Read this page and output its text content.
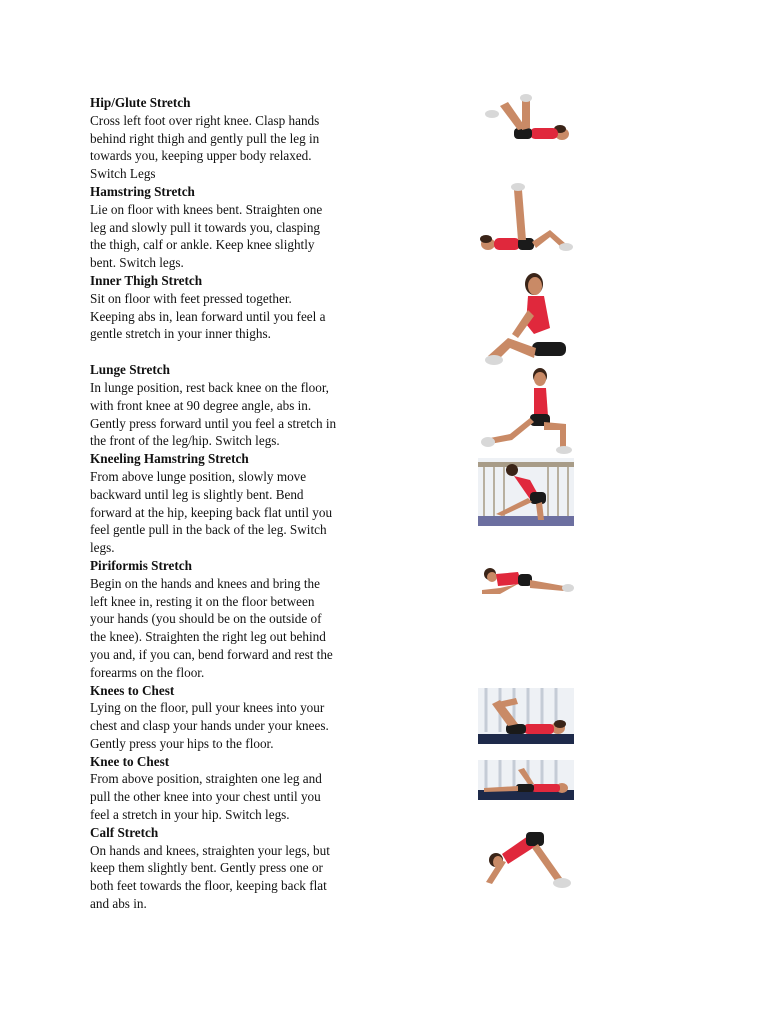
Hip/Glute Stretch
Cross left foot over right knee. Clasp hands
behind right thigh and gently pull the leg in
towards you, keeping upper body relaxed.
Switch Legs
Hamstring Stretch
Lie on floor with knees bent. Straighten one
leg and slowly pull it towards you, clasping
the thigh, calf or ankle. Keep knee slightly
bent. Switch legs.
Inner Thigh Stretch
Sit on floor with feet pressed together.
Keeping abs in, lean forward until you feel a
gentle stretch in your inner thighs.
Lunge Stretch
In lunge position, rest back knee on the floor,
with front knee at 90 degree angle, abs in.
Gently press forward until you feel a stretch in
the front of the leg/hip. Switch legs.
Kneeling Hamstring Stretch
From above lunge position, slowly move
backward until leg is slightly bent. Bend
forward at the hip, keeping back flat until you
feel gentle pull in the back of the leg. Switch
legs.
Piriformis Stretch
Begin on the hands and knees and bring the
left knee in, resting it on the floor between
your hands (you should be on the outside of
the knee). Straighten the right leg out behind
you and, if you can, bend forward and rest the
forearms on the floor.
Knees to Chest
Lying on the floor, pull your knees into your
chest and clasp your hands under your knees.
Gently press your hips to the floor.
Knee to Chest
From above position, straighten one leg and
pull the other knee into your chest until you
feel a stretch in your hip. Switch legs.
Calf Stretch
On hands and knees, straighten your legs, but
keep them slightly bent. Gently press one or
both feet towards the floor, keeping back flat
and abs in.
